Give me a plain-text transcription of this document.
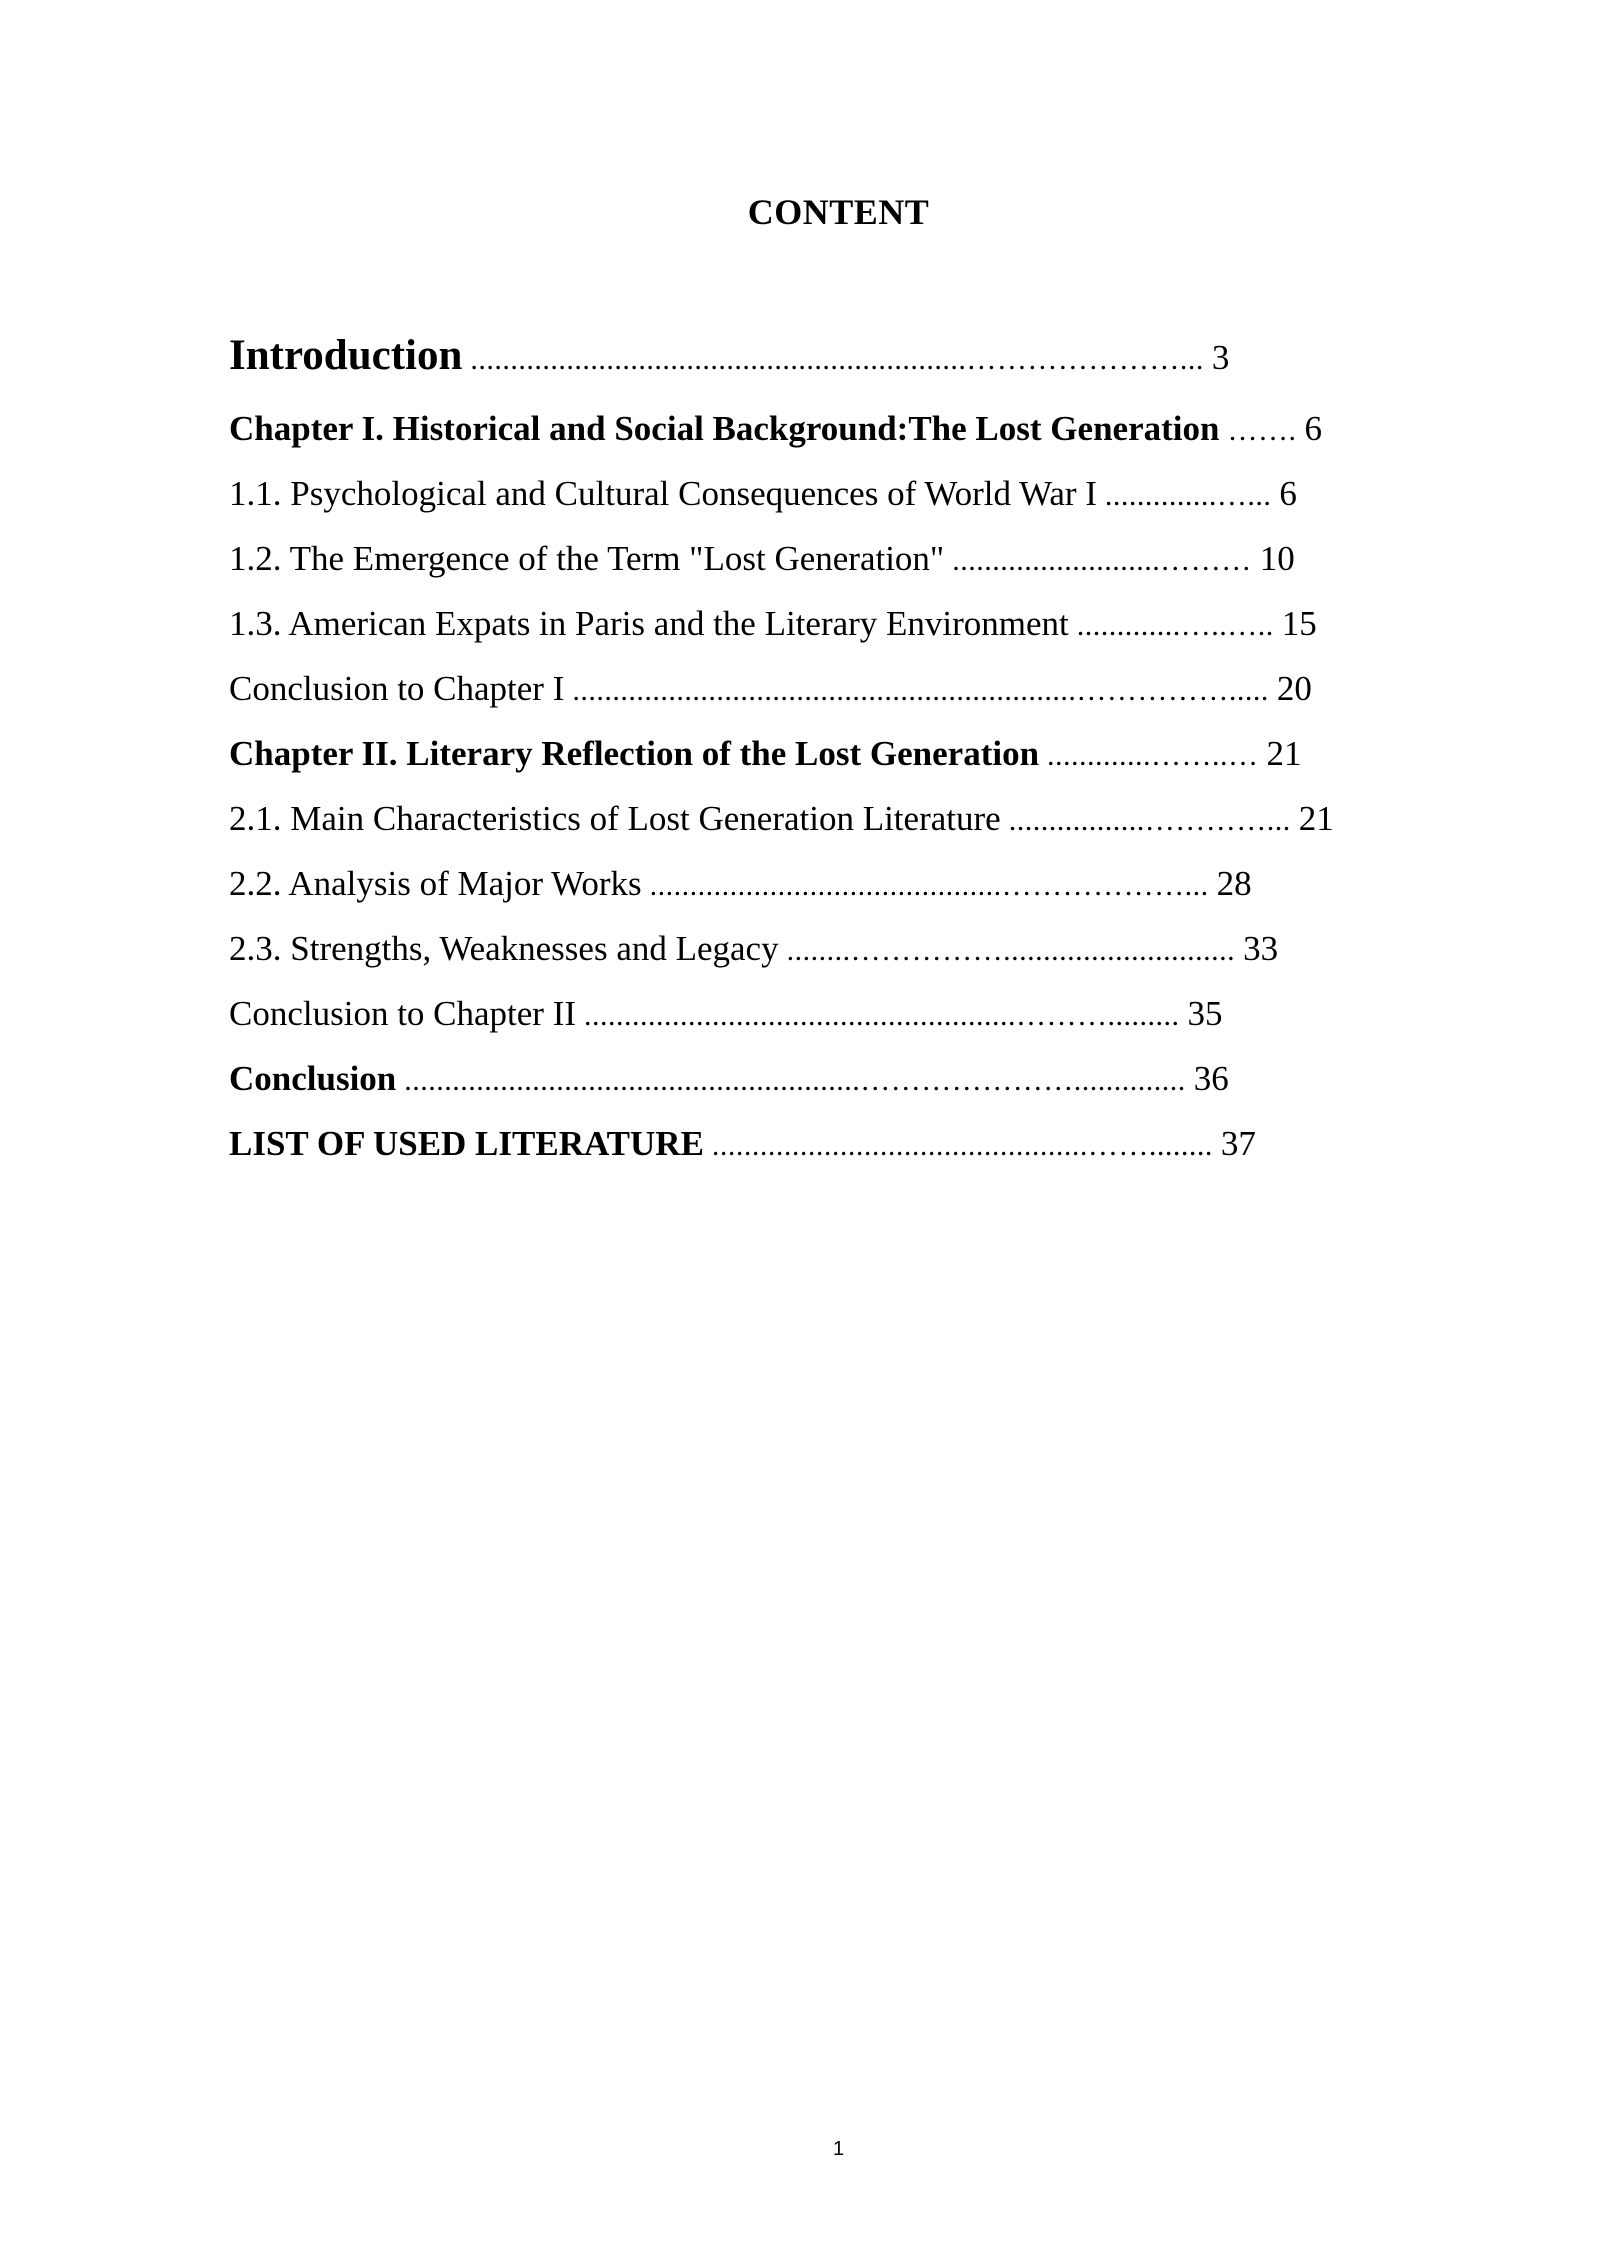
CONTENT
Introduction ..............................................................…………………... 3
Chapter I. Historical and Social Background:The Lost Generation ……. 6
1.1. Psychological and Cultural Consequences of World War I ..............…... 6
1.2. The Emergence of the Term "Lost Generation" ..........................……… 10
1.3. American Expats in Paris and the Literary Environment .............…..….. 15
Conclusion to Chapter I ...............................................................……………..... 20
Chapter II. Literary Reflection of the Lost Generation .............……..… 21
2.1. Main Characteristics of Lost Generation Literature .................…………... 21
2.2. Analysis of Major Works ............................................………………... 28
2.3. Strengths, Weaknesses and Legacy ........……………............................. 33
Conclusion to Chapter II ......................................................………......... 35
Conclusion .........................................................………………….............. 36
LIST OF USED LITERATURE ...............................................……........ 37
1
